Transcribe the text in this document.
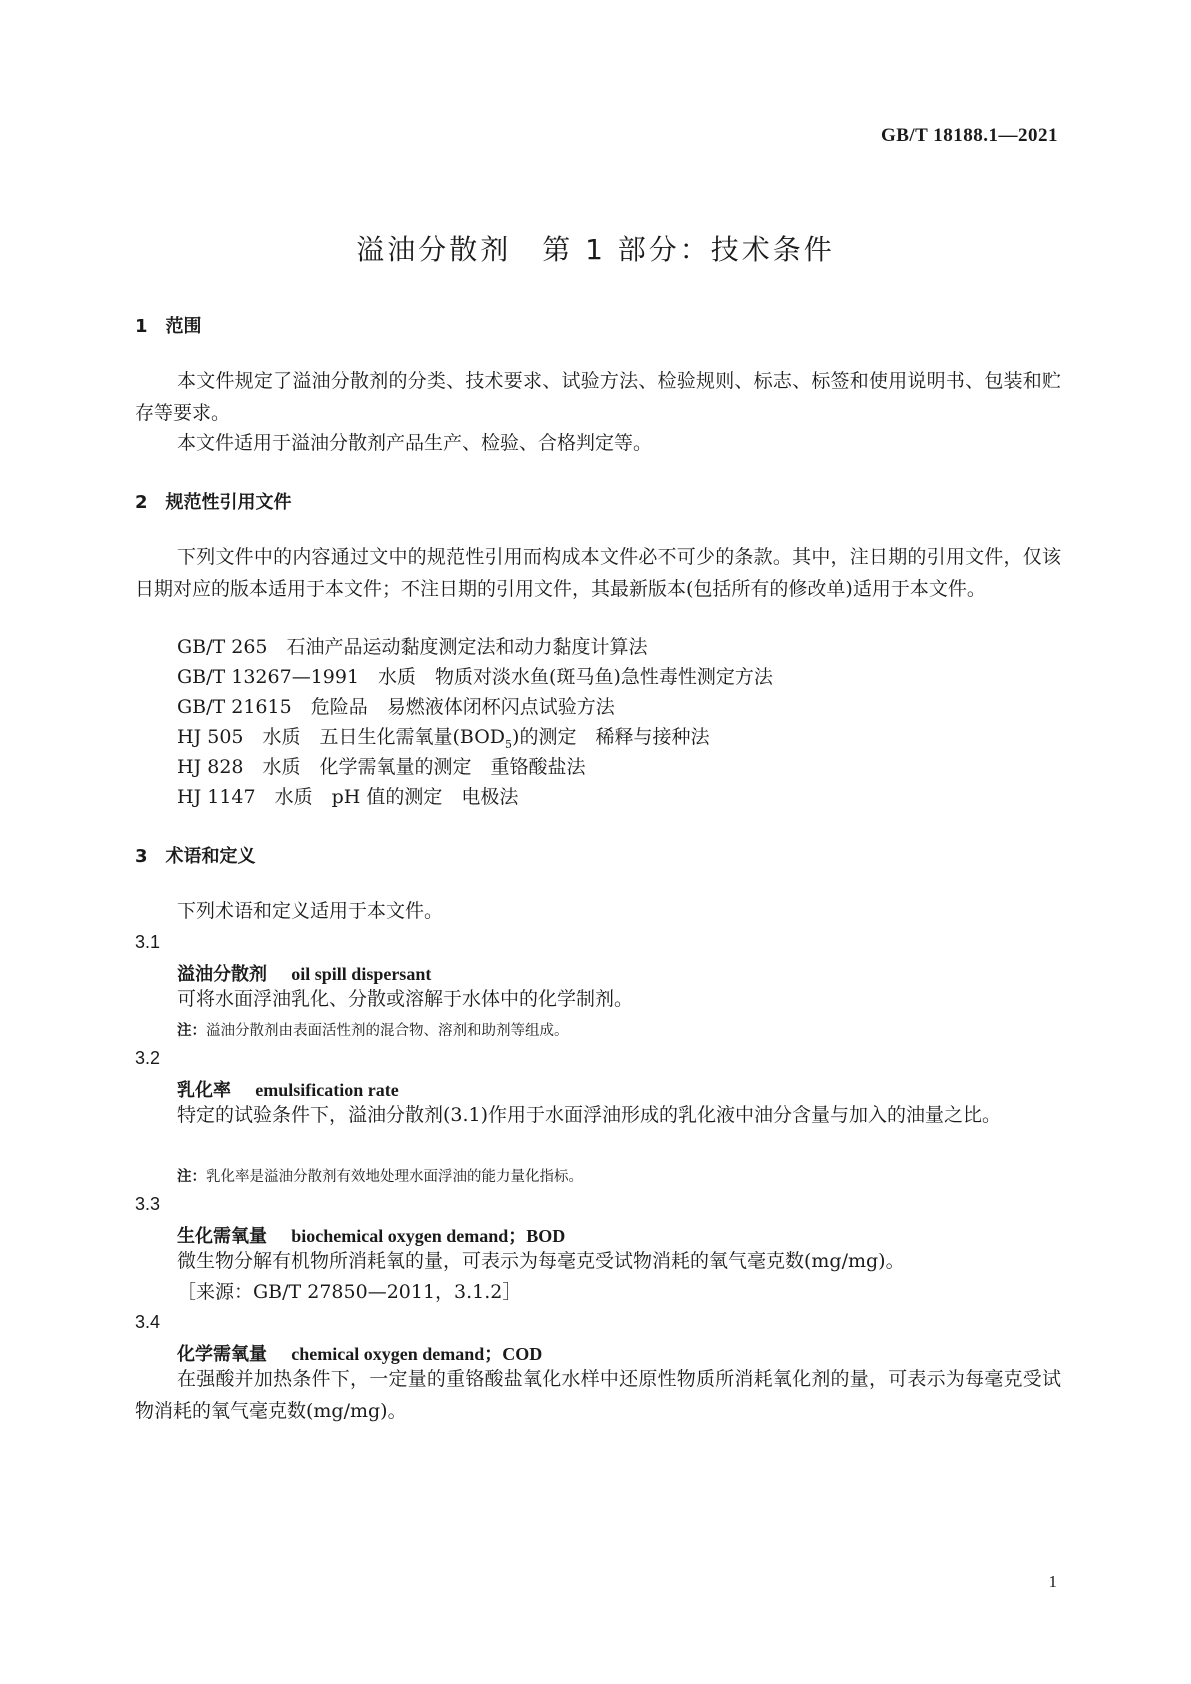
GB/T 18188.1—2021
溢油分散剂　第 1 部分：技术条件
1　范围
本文件规定了溢油分散剂的分类、技术要求、试验方法、检验规则、标志、标签和使用说明书、包装和贮存等要求。
本文件适用于溢油分散剂产品生产、检验、合格判定等。
2　规范性引用文件
下列文件中的内容通过文中的规范性引用而构成本文件必不可少的条款。其中，注日期的引用文件，仅该日期对应的版本适用于本文件；不注日期的引用文件，其最新版本(包括所有的修改单)适用于本文件。
GB/T 265　石油产品运动黏度测定法和动力黏度计算法
GB/T 13267—1991　水质　物质对淡水鱼(斑马鱼)急性毒性测定方法
GB/T 21615　危险品　易燃液体闭杯闪点试验方法
HJ 505　水质　五日生化需氧量$(BOD_5)$的测定　稀释与接种法
HJ 828　水质　化学需氧量的测定　重铬酸盐法
HJ 1147　水质　pH 值的测定　电极法
3　术语和定义
下列术语和定义适用于本文件。
3.1
溢油分散剂　 oil spill dispersant
可将水面浮油乳化、分散或溶解于水体中的化学制剂。
注：溢油分散剂由表面活性剂的混合物、溶剂和助剂等组成。
3.2
乳化率　 emulsification rate
特定的试验条件下，溢油分散剂(3.1)作用于水面浮油形成的乳化液中油分含量与加入的油量之比。
注：乳化率是溢油分散剂有效地处理水面浮油的能力量化指标。
3.3
生化需氧量　 biochemical oxygen demand；BOD
微生物分解有机物所消耗氧的量，可表示为每毫克受试物消耗的氧气毫克数(mg/mg)。
［来源：GB/T 27850—2011，3.1.2］
3.4
化学需氧量　 chemical oxygen demand；COD
在强酸并加热条件下，一定量的重铬酸盐氧化水样中还原性物质所消耗氧化剂的量，可表示为每毫克受试物消耗的氧气毫克数(mg/mg)。
1
